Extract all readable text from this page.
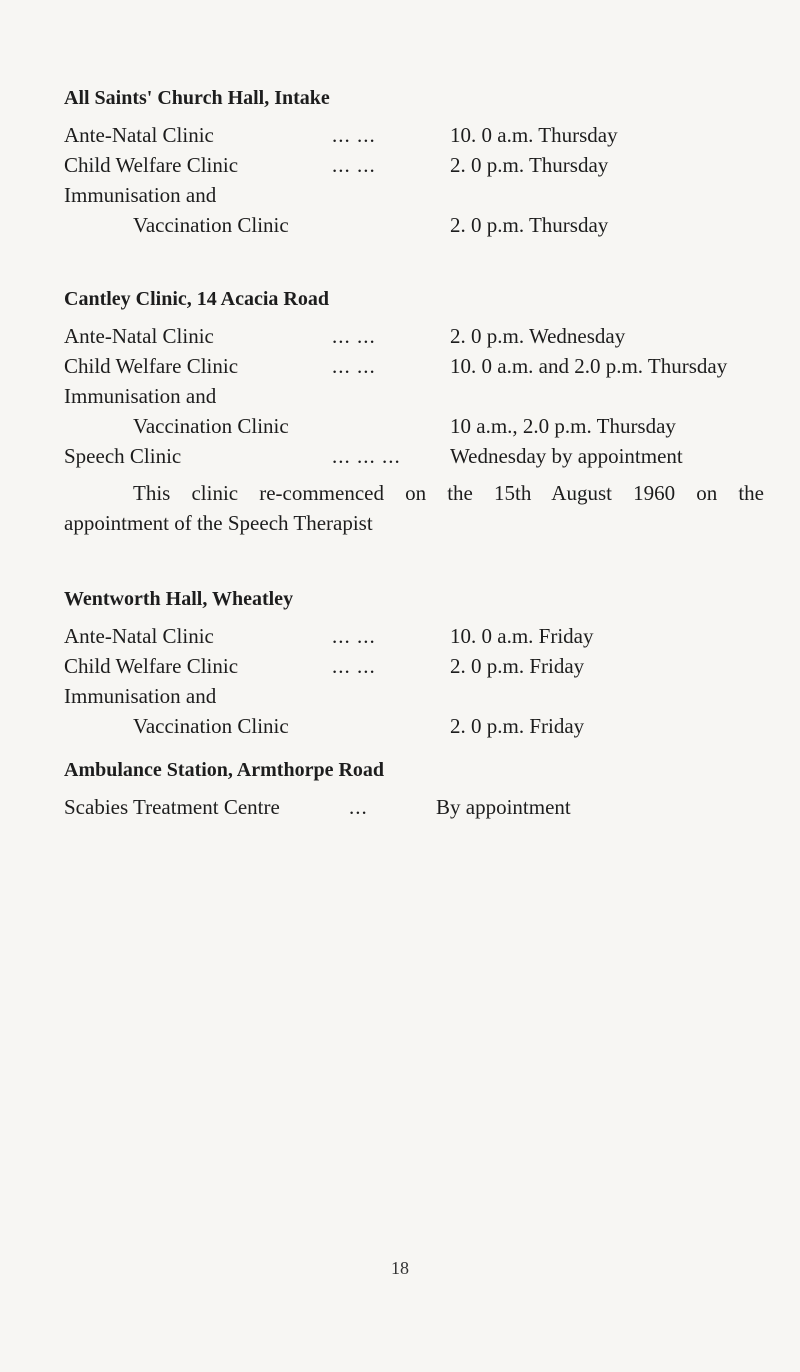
All Saints' Church Hall, Intake
Ante-Natal Clinic	... ...	10. 0 a.m. Thursday
Child Welfare Clinic	... ...	2. 0 p.m. Thursday
Immunisation and
Vaccination Clinic	2. 0 p.m. Thursday
Cantley Clinic, 14 Acacia Road
Ante-Natal Clinic	... ...	2. 0 p.m. Wednesday
Child Welfare Clinic	... ...	10. 0 a.m. and 2.0 p.m. Thursday
Immunisation and
Vaccination Clinic	10 a.m., 2.0 p.m. Thursday
Speech Clinic	... ... ... Wednesday by appointment
This clinic re-commenced on the 15th August 1960 on the
appointment of the Speech Therapist
Wentworth Hall, Wheatley
Ante-Natal Clinic	... ...	10. 0 a.m. Friday
Child Welfare Clinic	... ...	2. 0 p.m. Friday
Immunisation and
Vaccination Clinic	2. 0 p.m. Friday
Ambulance Station, Armthorpe Road
Scabies Treatment Centre	...	By appointment
18
